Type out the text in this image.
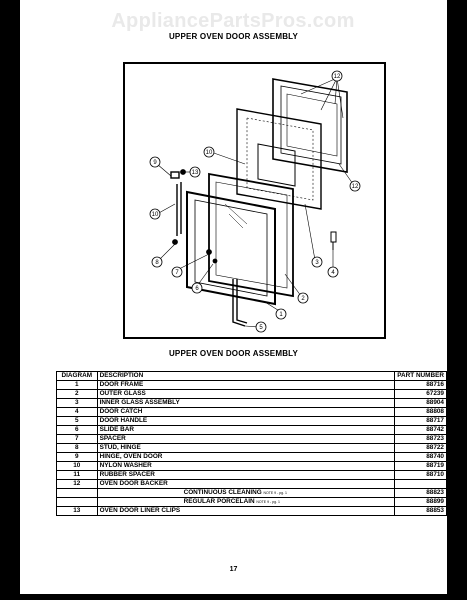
AppliancePartsPros.com
UPPER OVEN DOOR ASSEMBLY
12
12
10
13
9
10
8
7
6
3
2
1
5
4
UPPER OVEN DOOR ASSEMBLY
DIAGRAM	DESCRIPTION	PART NUMBER
1	DOOR FRAME	88716
2	OUTER GLASS	67239
3	INNER GLASS ASSEMBLY	88904
4	DOOR CATCH	88808
5	DOOR HANDLE	88717
6	SLIDE BAR	88742
7	SPACER	88723
8	STUD, HINGE	88722
9	HINGE, OVEN DOOR	88740
10	NYLON WASHER	88719
11	RUBBER SPACER	88710
12	OVEN DOOR BACKER	
	CONTINUOUS CLEANING NOTE 9 - pg. 1	88823
	REGULAR PORCELAIN NOTE 9 - pg. 1	88899
13	OVEN DOOR LINER CLIPS	88853
17
